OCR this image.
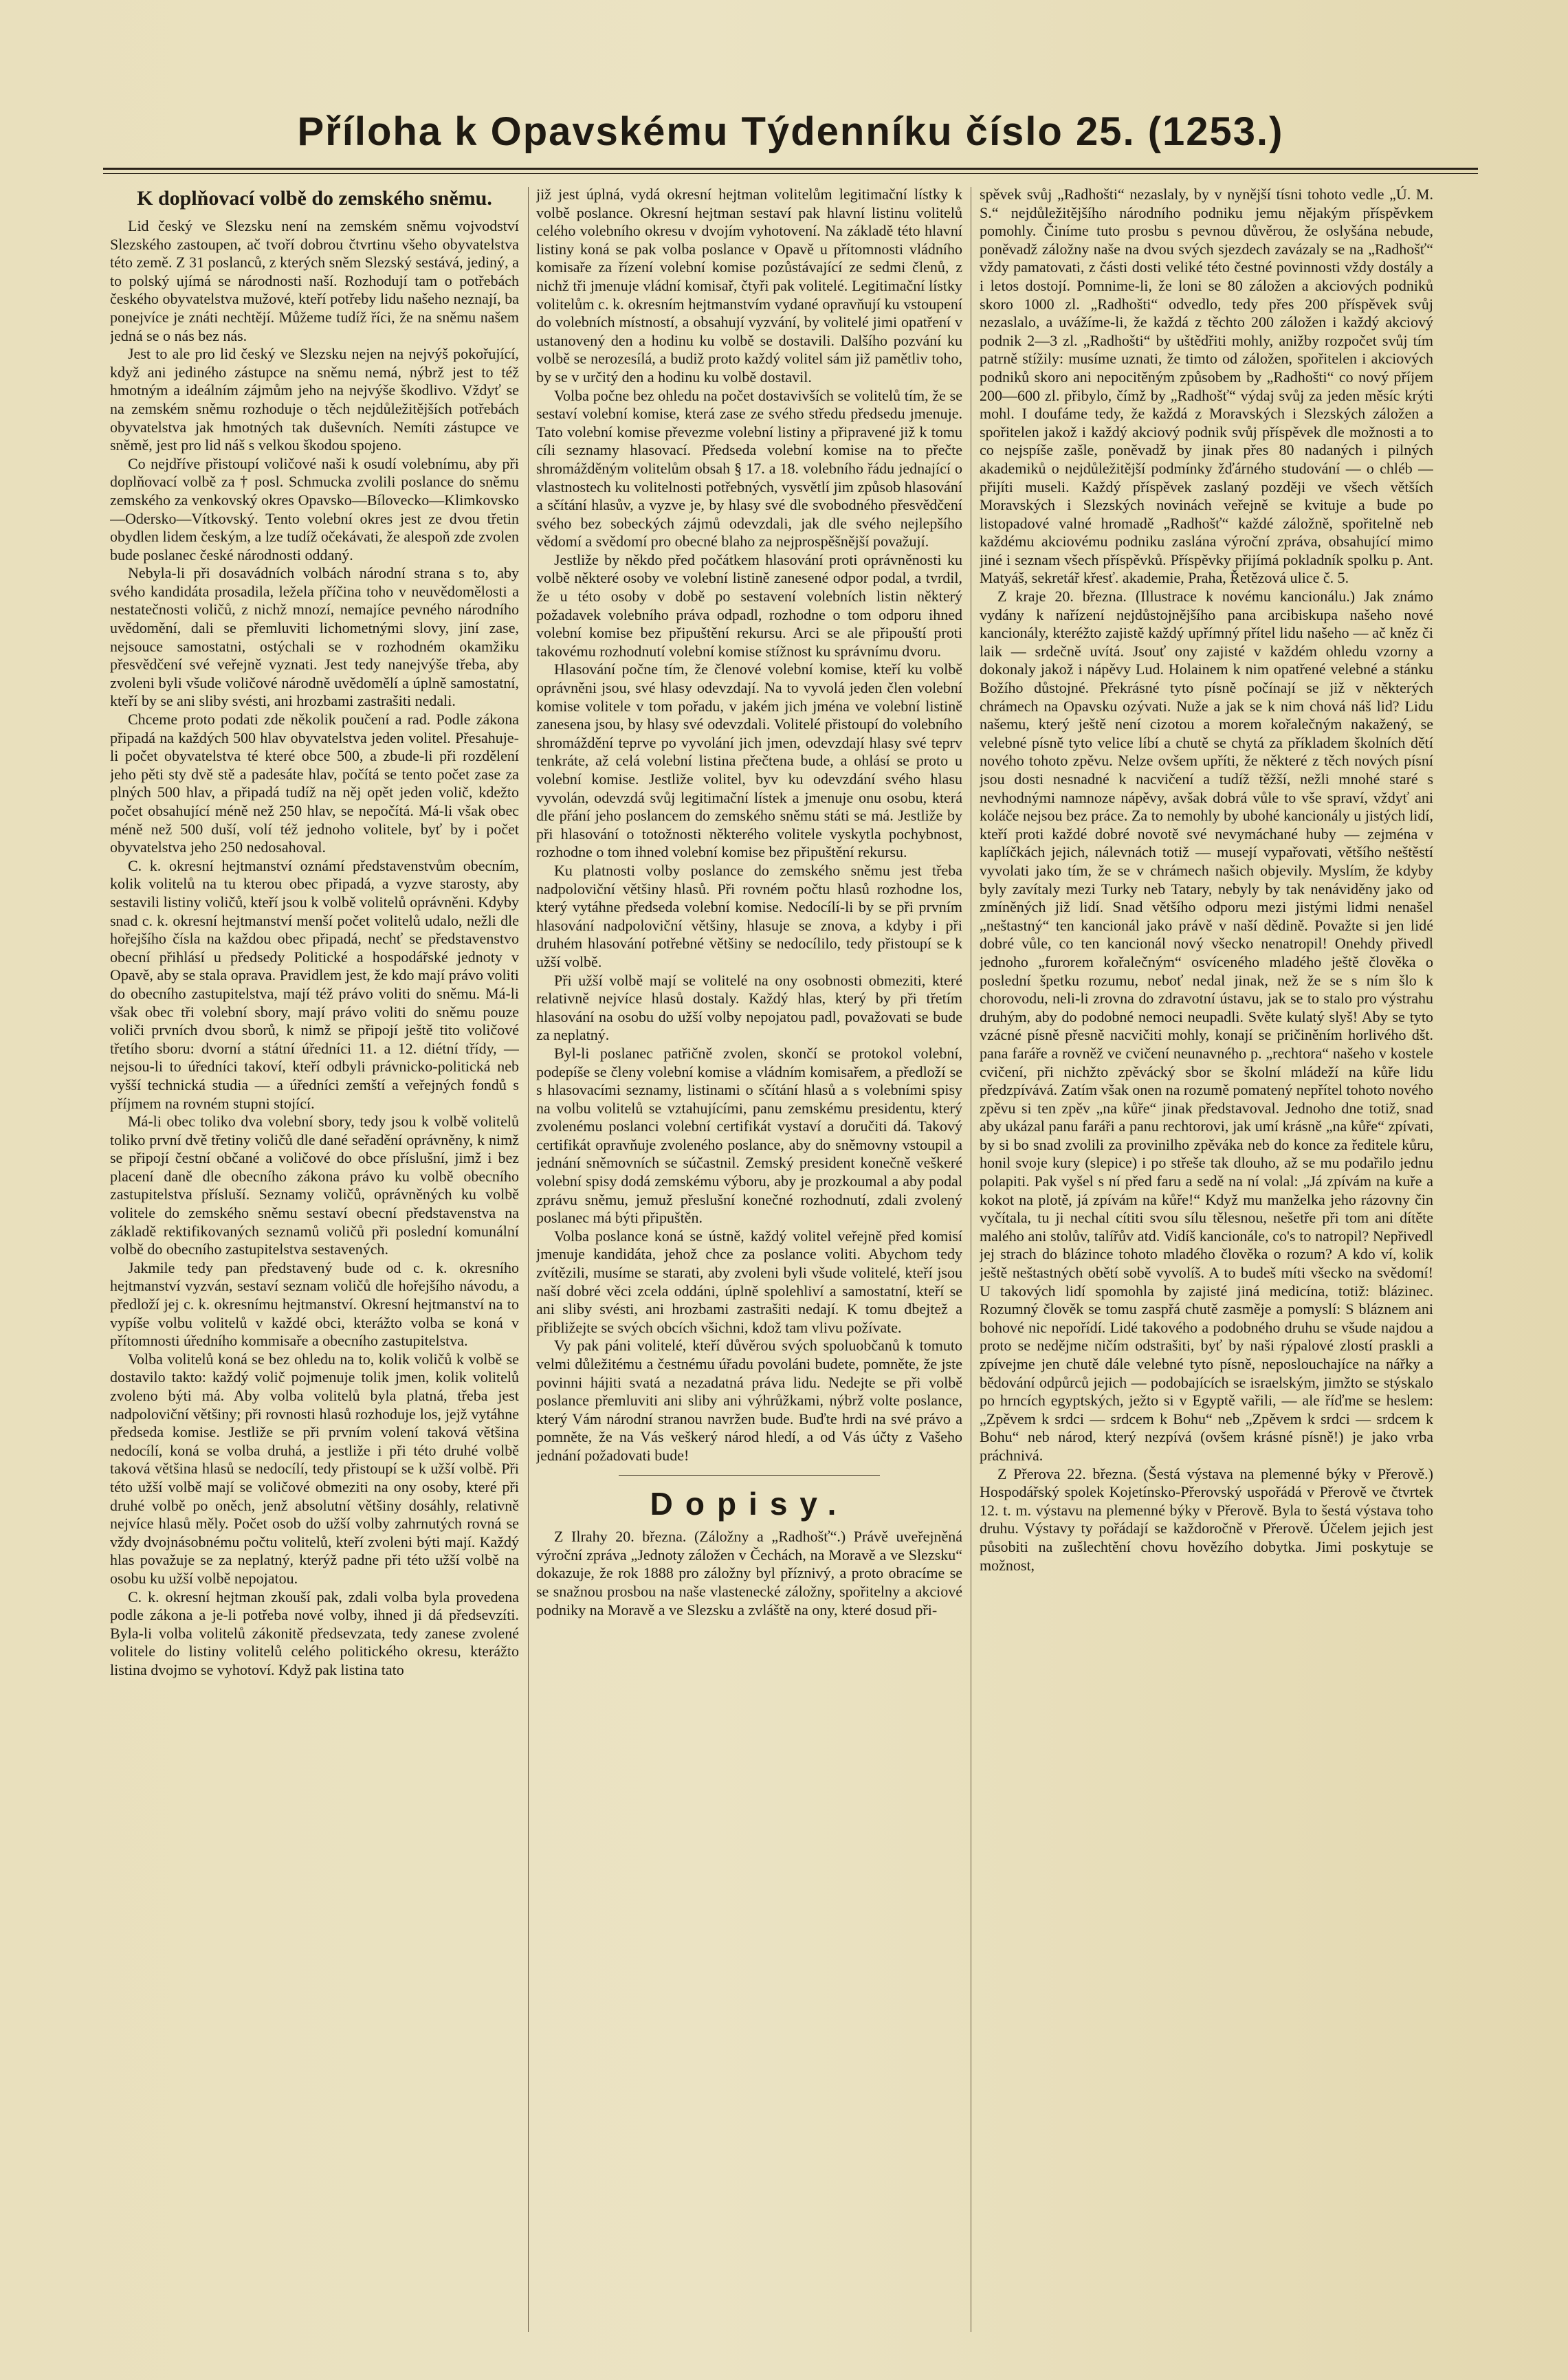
Příloha k Opavskému Týdenníku číslo 25. (1253.)
K doplňovací volbě do zemského sněmu.

Lid český ve Slezsku není na zemském sněmu vojvodství Slezského zastoupen, ač tvoří dobrou čtvrtinu všeho obyvatelstva této země. Z 31 poslanců, z kterých sněm Slezský sestává, jediný, a to polský ujímá se národnosti naší. Rozhodují tam o potřebách českého obyvatelstva mužové, kteří potřeby lidu našeho neznají, ba ponejvíce je znáti nechtějí. Můžeme tudíž říci, že na sněmu našem jedná se o nás bez nás.

Jest to ale pro lid český ve Slezsku nejen na nejvýš pokořující, když ani jediného zástupce na sněmu nemá, nýbrž jest to též hmotným a ideálním zájmům jeho na nejvýše škodlivo. Vždyť se na zemském sněmu rozhoduje o těch nejdůležitějších potřebách obyvatelstva jak hmotných tak duševních. Nemíti zástupce ve sněmě, jest pro lid náš s velkou škodou spojeno.

Co nejdříve přistoupí voličové naši k osudí volebnímu, aby při doplňovací volbě za † posl. Schmucka zvolili poslance do sněmu zemského za venkovský okres Opavsko—Bílovecko—Klimkovsko—Odersko—Vítkovský. Tento volební okres jest ze dvou třetin obydlen lidem českým, a lze tudíž očekávati, že alespoň zde zvolen bude poslanec české národnosti oddaný.

Nebyla-li při dosavádních volbách národní strana s to, aby svého kandidáta prosadila, ležela příčina toho v neuvědomělosti a nestatečnosti voličů, z nichž mnozí, nemajíce pevného národního uvědomění, dali se přemluviti lichometnými slovy, jiní zase, nejsouce samostatni, ostýchali se v rozhodném okamžiku přesvědčení své veřejně vyznati. Jest tedy nanejvýše třeba, aby zvoleni byli všude voličové národně uvědomělí a úplně samostatní, kteří by se ani sliby svésti, ani hrozbami zastrašiti nedali.

Chceme proto podati zde několik poučení a rad. Podle zákona připadá na každých 500 hlav obyvatelstva jeden volitel. Přesahuje-li počet obyvatelstva té které obce 500, a zbude-li při rozdělení jeho pěti sty dvě stě a padesáte hlav, počítá se tento počet zase za plných 500 hlav, a připadá tudíž na něj opět jeden volič, kdežto počet obsahující méně než 250 hlav, se nepočítá. Má-li však obec méně než 500 duší, volí též jednoho volitele, byť by i počet obyvatelstva jeho 250 nedosahoval.

C. k. okresní hejtmanství oznámí představenstvům obecním, kolik volitelů na tu kterou obec připadá, a vyzve starosty, aby sestavili listiny voličů, kteří jsou k volbě volitelů oprávněni. Kdyby snad c. k. okresní hejtmanství menší počet volitelů udalo, nežli dle hořejšího čísla na každou obec připadá, nechť se představenstvo obecní přihlásí u předsedy Politické a hospodářské jednoty v Opavě, aby se stala oprava. Pravidlem jest, že kdo mají právo voliti do obecního zastupitelstva, mají též právo voliti do sněmu. Má-li však obec tři volební sbory, mají právo voliti do sněmu pouze voliči prvních dvou sborů, k nimž se připojí ještě tito voličové třetího sboru: dvorní a státní úředníci 11. a 12. diétní třídy, — nejsou-li to úředníci takoví, kteří odbyli právnicko-politická neb vyšší technická studia — a úředníci zemští a veřejných fondů s příjmem na rovném stupni stojící.

Má-li obec toliko dva volební sbory, tedy jsou k volbě volitelů toliko první dvě třetiny voličů dle dané seřadění oprávněny, k nimž se připojí čestní občané a voličové do obce příslušní, jimž i bez placení daně dle obecního zákona právo ku volbě obecního zastupitelstva přísluší. Seznamy voličů, oprávněných ku volbě volitele do zemského sněmu sestaví obecní představenstva na základě rektifikovaných seznamů voličů při poslední komunální volbě do obecního zastupitelstva sestavených.

Jakmile tedy pan představený bude od c. k. okresního hejtmanství vyzván, sestaví seznam voličů dle hořejšího návodu, a předloží jej c. k. okresnímu hejtmanství. Okresní hejtmanství na to vypíše volbu volitelů v každé obci, kterážto volba se koná v přítomnosti úředního kommisaře a obecního zastupitelstva.

Volba volitelů koná se bez ohledu na to, kolik voličů k volbě se dostavilo takto: každý volič pojmenuje tolik jmen, kolik volitelů zvoleno býti má. Aby volba volitelů byla platná, třeba jest nadpoloviční většiny; při rovnosti hlasů rozhoduje los, jejž vytáhne předseda komise. Jestliže se při prvním volení taková většina nedocílí, koná se volba druhá, a jestliže i při této druhé volbě taková většina hlasů se nedocílí, tedy přistoupí se k užší volbě. Při této užší volbě mají se voličové obmeziti na ony osoby, které při druhé volbě po oněch, jenž absolutní většiny dosáhly, relativně nejvíce hlasů měly. Počet osob do užší volby zahrnutých rovná se vždy dvojnásobnému počtu volitelů, kteří zvoleni býti mají. Každý hlas považuje se za neplatný, kterýž padne při této užší volbě na osobu ku užší volbě nepojatou.

C. k. okresní hejtman zkouší pak, zdali volba byla provedena podle zákona a je-li potřeba nové volby, ihned ji dá předsevzíti. Byla-li volba volitelů zákonitě předsevzata, tedy zanese zvolené volitele do listiny volitelů celého politického okresu, kterážto listina dvojmo se vyhotoví. Když pak listina tato

již jest úplná, vydá okresní hejtman volitelům legitimační lístky k volbě poslance. Okresní hejtman sestaví pak hlavní listinu volitelů celého volebního okresu v dvojím vyhotovení. Na základě této hlavní listiny koná se pak volba poslance v Opavě u přítomnosti vládního komisaře za řízení volební komise pozůstávající ze sedmi členů, z nichž tři jmenuje vládní komisař, čtyři pak volitelé. Legitimační lístky volitelům c. k. okresním hejtmanstvím vydané opravňují ku vstoupení do volebních místností, a obsahují vyzvání, by volitelé jimi opatření v ustanovený den a hodinu ku volbě se dostavili. Dalšího pozvání ku volbě se nerozesílá, a budiž proto každý volitel sám již pamětliv toho, by se v určitý den a hodinu ku volbě dostavil.

Volba počne bez ohledu na počet dostavivších se volitelů tím, že se sestaví volební komise, která zase ze svého středu předsedu jmenuje. Tato volební komise převezme volební listiny a připravené již k tomu cíli seznamy hlasovací. Předseda volební komise na to přečte shromážděným volitelům obsah § 17. a 18. volebního řádu jednající o vlastnostech ku volitelnosti potřebných, vysvětlí jim způsob hlasování a sčítání hlasův, a vyzve je, by hlasy své dle svobodného přesvědčení svého bez sobeckých zájmů odevzdali, jak dle svého nejlepšího vědomí a svědomí pro obecné blaho za nejprospěšnější považují.

Jestliže by někdo před počátkem hlasování proti oprávněnosti ku volbě některé osoby ve volební listině zanesené odpor podal, a tvrdil, že u této osoby v době po sestavení volebních listin některý požadavek volebního práva odpadl, rozhodne o tom odporu ihned volební komise bez připuštění rekursu. Arci se ale připouští proti takovému rozhodnutí volební komise stížnost ku správnímu dvoru.

Hlasování počne tím, že členové volební komise, kteří ku volbě oprávněni jsou, své hlasy odevzdají. Na to vyvolá jeden člen volební komise volitele v tom pořadu, v jakém jich jména ve volební listině zanesena jsou, by hlasy své odevzdali. Volitelé přistoupí do volebního shromáždění teprve po vyvolání jich jmen, odevzdají hlasy své teprv tenkráte, až celá volební listina přečtena bude, a ohlásí se proto u volební komise. Jestliže volitel, byv ku odevzdání svého hlasu vyvolán, odevzdá svůj legitimační lístek a jmenuje onu osobu, která dle přání jeho poslancem do zemského sněmu státi se má. Jestliže by při hlasování o totožnosti některého volitele vyskytla pochybnost, rozhodne o tom ihned volební komise bez připuštění rekursu.

Ku platnosti volby poslance do zemského sněmu jest třeba nadpoloviční většiny hlasů. Při rovném počtu hlasů rozhodne los, který vytáhne předseda volební komise. Nedocílí-li by se při prvním hlasování nadpoloviční většiny, hlasuje se znova, a kdyby i při druhém hlasování potřebné většiny se nedocílilo, tedy přistoupí se k užší volbě.

Při užší volbě mají se volitelé na ony osobnosti obmeziti, které relativně nejvíce hlasů dostaly. Každý hlas, který by při třetím hlasování na osobu do užší volby nepojatou padl, považovati se bude za neplatný.

Byl-li poslanec patřičně zvolen, skončí se protokol volební, podepíše se členy volební komise a vládním komisařem, a předloží se s hlasovacími seznamy, listinami o sčítání hlasů a s volebními spisy na volbu volitelů se vztahujícími, panu zemskému presidentu, který zvolenému poslanci volební certifikát vystaví a doručiti dá. Takový certifikát opravňuje zvoleného poslance, aby do sněmovny vstoupil a jednání sněmovních se súčastnil. Zemský president konečně veškeré volební spisy dodá zemskému výboru, aby je prozkoumal a aby podal zprávu sněmu, jemuž přeslušní konečné rozhodnutí, zdali zvolený poslanec má býti připuštěn.

Volba poslance koná se ústně, každý volitel veřejně před komisí jmenuje kandidáta, jehož chce za poslance voliti. Abychom tedy zvítězili, musíme se starati, aby zvoleni byli všude volitelé, kteří jsou naší dobré věci zcela oddáni, úplně spolehliví a samostatní, kteří se ani sliby svésti, ani hrozbami zastrašiti nedají. K tomu dbejtež a přibližejte se svých obcích všichni, kdož tam vlivu požívate.

Vy pak páni volitelé, kteří důvěrou svých spoluobčanů k tomuto velmi důležitému a čestnému úřadu povoláni budete, pomněte, že jste povinni hájiti svatá a nezadatná práva lidu. Nedejte se při volbě poslance přemluviti ani sliby ani výhrůžkami, nýbrž volte poslance, který Vám národní stranou navržen bude. Buďte hrdi na své právo a pomněte, že na Vás veškerý národ hledí, a od Vás účty z Vašeho jednání požadovati bude!

Dopisy.

Z Ilrahy 20. března. (Záložny a „Radhošť“.) Právě uveřejněná výroční zpráva „Jednoty záložen v Čechách, na Moravě a ve Slezsku“ dokazuje, že rok 1888 pro záložny byl příznivý, a proto obracíme se se snažnou prosbou na naše vlastenecké záložny, spořitelny a akciové podniky na Moravě a ve Slezsku a zvláště na ony, které dosud při-

spěvek svůj „Radhošti“ nezaslaly, by v nynější tísni tohoto vedle „Ú. M. S.“ nejdůležitějšího národního podniku jemu nějakým příspěvkem pomohly. Činíme tuto prosbu s pevnou důvěrou, že oslyšána nebude, poněvadž záložny naše na dvou svých sjezdech zavázaly se na „Radhošť“ vždy pamatovati, z části dosti veliké této čestné povinnosti vždy dostály a i letos dostojí. Pomnime-li, že loni se 80 záložen a akciových podniků skoro 1000 zl. „Radhošti“ odvedlo, tedy přes 200 příspěvek svůj nezaslalo, a uvážíme-li, že každá z těchto 200 záložen i každý akciový podnik 2—3 zl. „Radhošti“ by uštědřiti mohly, anižby rozpočet svůj tím patrně stížily: musíme uznati, že timto od záložen, spořitelen i akciových podniků skoro ani nepocitěným způsobem by „Radhošti“ co nový příjem 200—600 zl. přibylo, čímž by „Radhošť“ výdaj svůj za jeden měsíc krýti mohl. I doufáme tedy, že každá z Moravských i Slezských záložen a spořitelen jakož i každý akciový podnik svůj příspěvek dle možnosti a to co nejspíše zašle, poněvadž by jinak přes 80 nadaných i pilných akademiků o nejdůležitější podmínky žďárného studování — o chléb — přijíti museli. Každý příspěvek zaslaný později ve všech větších Moravských i Slezských novinách veřejně se kvituje a bude po listopadové valné hromadě „Radhošť“ každé záložně, spořitelně neb každému akciovému podniku zaslána výroční zpráva, obsahující mimo jiné i seznam všech příspěvků. Příspěvky přijímá pokladník spolku p. Ant. Matyáš, sekretář křesť. akademie, Praha, Řetězová ulice č. 5.

Z kraje 20. března. (Illustrace k novému kancionálu.) Jak známo vydány k nařízení nejdůstojnějšího pana arcibiskupa našeho nové kancionály, kteréžto zajistě každý upřímný přítel lidu našeho — ač kněz či laik — srdečně uvítá. Jsouť ony zajisté v každém ohledu vzorny a dokonaly jakož i nápěvy Lud. Holainem k nim opatřené velebné a stánku Božího důstojné. Překrásné tyto písně počínají se již v některých chrámech na Opavsku ozývati. Nuže a jak se k nim chová náš lid? Lidu našemu, který ještě není cizotou a morem kořalečným nakažený, se velebné písně tyto velice líbí a chutě se chytá za příkladem školních dětí nového tohoto zpěvu. Nelze ovšem upříti, že některé z těch nových písní jsou dosti nesnadné k nacvičení a tudíž těžší, nežli mnohé staré s nevhodnými namnoze nápěvy, avšak dobrá vůle to vše spraví, vždyť ani koláče nejsou bez práce. Za to nemohly by ubohé kancionály u jistých lidí, kteří proti každé dobré novotě své nevymáchané huby — zejména v kaplíčkách jejich, nálevnách totiž — musejí vypařovati, většího neštěstí vyvolati jako tím, že se v chrámech našich objevily. Myslím, že kdyby byly zavítaly mezi Turky neb Tatary, nebyly by tak nenáviděny jako od zmíněných již lidí. Snad většího odporu mezi jistými lidmi nenašel „neštastný“ ten kancionál jako právě v naší dědině. Považte si jen lidé dobré vůle, co ten kancionál nový všecko nenatropil! Onehdy přivedl jednoho „furorem kořalečným“ osvíceného mladého ještě člověka o poslední špetku rozumu, neboť nedal jinak, než že se s ním šlo k chorovodu, neli-li zrovna do zdravotní ústavu, jak se to stalo pro výstrahu druhým, aby do podobné nemoci neupadli. Světe kulatý slyš! Aby se tyto vzácné písně přesně nacvičiti mohly, konají se pričiněním horlivého dšt. pana faráře a rovněž ve cvičení neunavného p. „rechtora“ našeho v kostele cvičení, při nichžto zpěvácký sbor se školní mládeží na kůře lidu předzpívává. Zatím však onen na rozumě pomatený nepřítel tohoto nového zpěvu si ten zpěv „na kůře“ jinak představoval. Jednoho dne totiž, snad aby ukázal panu faráři a panu rechtorovi, jak umí krásně „na kůře“ zpívati, by si bo snad zvolili za provinilho zpěváka neb do konce za ředitele kůru, honil svoje kury (slepice) i po střeše tak dlouho, až se mu podařilo jednu polapiti. Pak vyšel s ní před faru a sedě na ní volal: „Já zpívám na kuře a kokot na plotě, já zpívám na kůře!“ Když mu manželka jeho rázovny čin vyčítala, tu ji nechal cítiti svou sílu tělesnou, nešetře při tom ani dítěte malého ani stolův, talířův atd. Vidíš kancionále, co's to natropil? Nepřivedl jej strach do blázince tohoto mladého člověka o rozum? A kdo ví, kolik ještě neštastných obětí sobě vyvolíš. A to budeš míti všecko na svědomí! U takových lidí spomohla by zajisté jiná medicína, totiž: blázinec. Rozumný člověk se tomu zaspřá chutě zasměje a pomyslí: S bláznem ani bohové nic nepořídí. Lidé takového a podobného druhu se všude najdou a proto se nedějme ničím odstrašiti, byť by naši rýpalové zlostí praskli a zpívejme jen chutě dále velebné tyto písně, neposlouchajíce na nářky a bědování odpůrců jejich — podobajících se israelským, jimžto se stýskalo po hrncích egyptských, ježto si v Egyptě vařili, — ale říďme se heslem: „Zpěvem k srdci — srdcem k Bohu“ neb „Zpěvem k srdci — srdcem k Bohu“ neb národ, který nezpívá (ovšem krásné písně!) je jako vrba práchnivá.

Z Přerova 22. března. (Šestá výstava na plemenné býky v Přerově.) Hospodářský spolek Kojetínsko-Přerovský uspořádá v Přerově ve čtvrtek 12. t. m. výstavu na plemenné býky v Přerově. Byla to šestá výstava toho druhu. Výstavy ty pořádají se každoročně v Přerově. Účelem jejich jest působiti na zušlechtění chovu hovězího dobytka. Jimi poskytuje se možnost,
